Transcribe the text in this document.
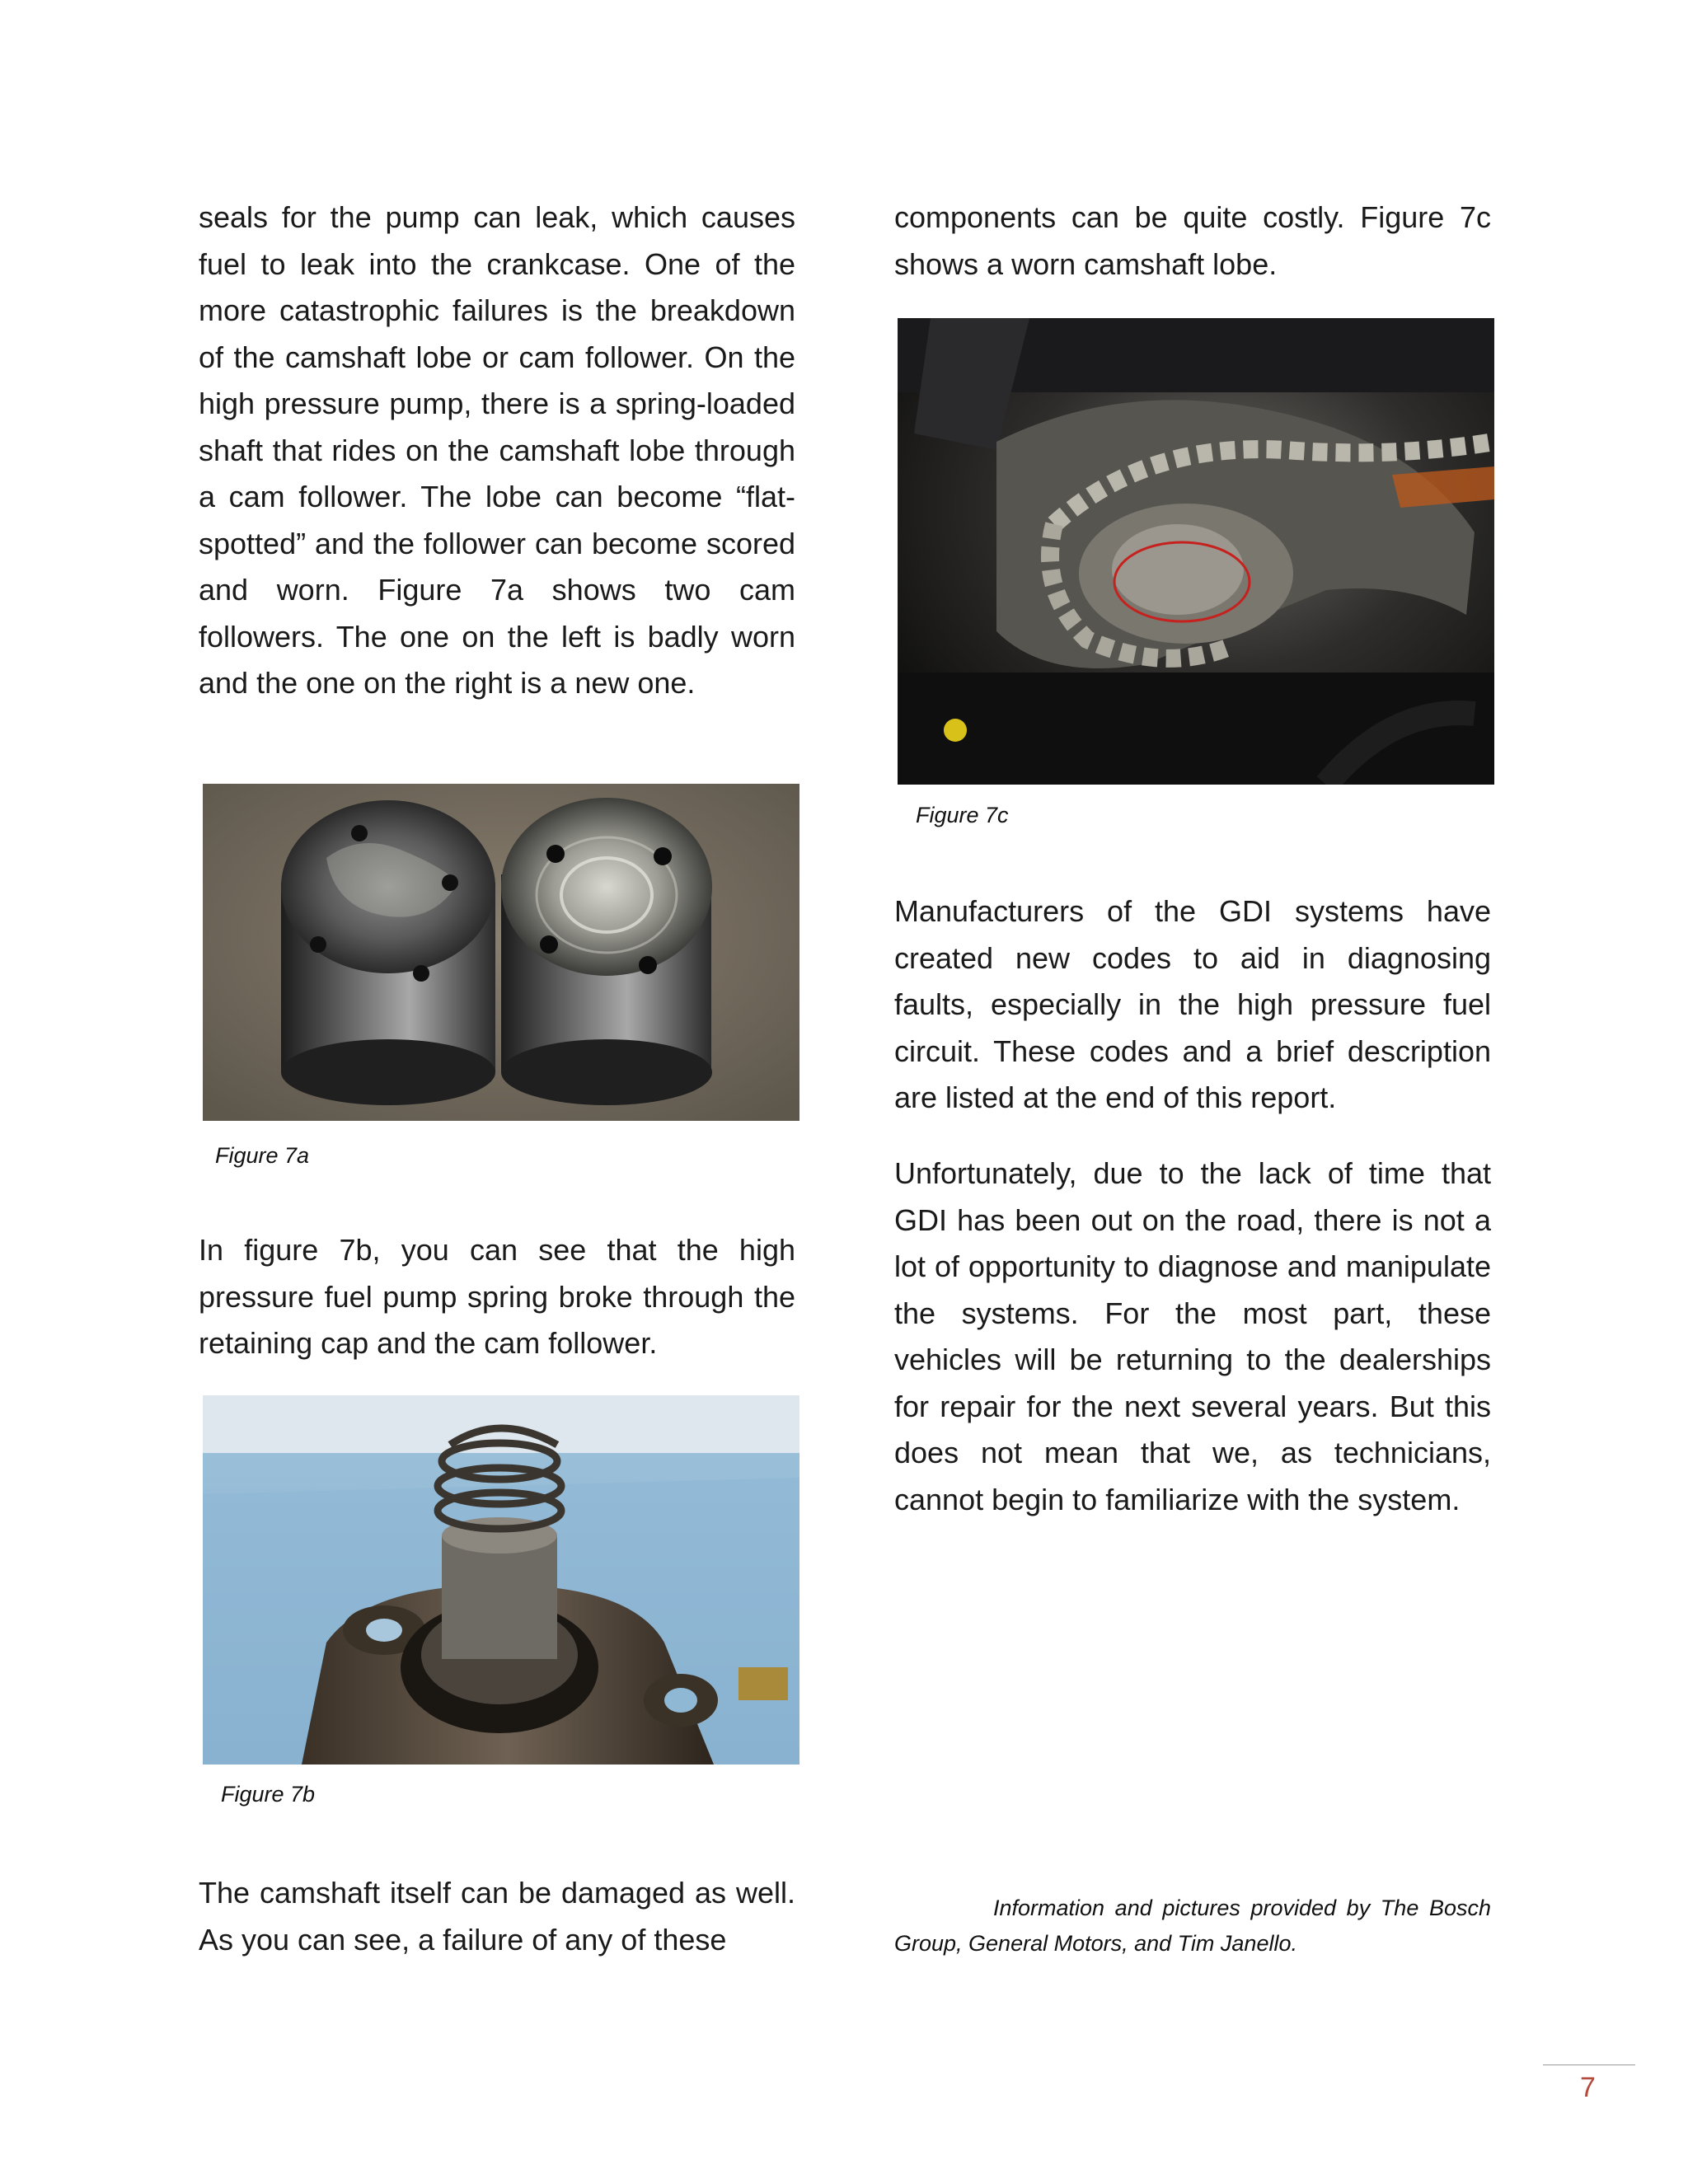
seals for the pump can leak, which causes fuel to leak into the crankcase. One of the more catastrophic failures is the breakdown of the camshaft lobe or cam follower. On the high pressure pump, there is a spring-loaded shaft that rides on the camshaft lobe through a cam follower. The lobe can become “flat-spotted” and the follower can become scored and worn. Figure 7a shows two cam followers. The one on the left is badly worn and the one on the right is a new one.

Figure 7a

In figure 7b, you can see that the high pressure fuel pump spring broke through the retaining cap and the cam follower.

Figure 7b

The camshaft itself can be damaged as well. As you can see, a failure of any of these

components can be quite costly. Figure 7c shows a worn camshaft lobe.

Figure 7c

Manufacturers of the GDI systems have created new codes to aid in diagnosing faults, especially in the high pressure fuel circuit. These codes and a brief description are listed at the end of this report.

Unfortunately, due to the lack of time that GDI has been out on the road, there is not a lot of opportunity to diagnose and manipulate the systems. For the most part, these vehicles will be returning to the dealerships for repair for the next several years. But this does not mean that we, as technicians, cannot begin to familiarize with the system.

Information and pictures provided by The Bosch Group, General Motors, and Tim Janello.
7
